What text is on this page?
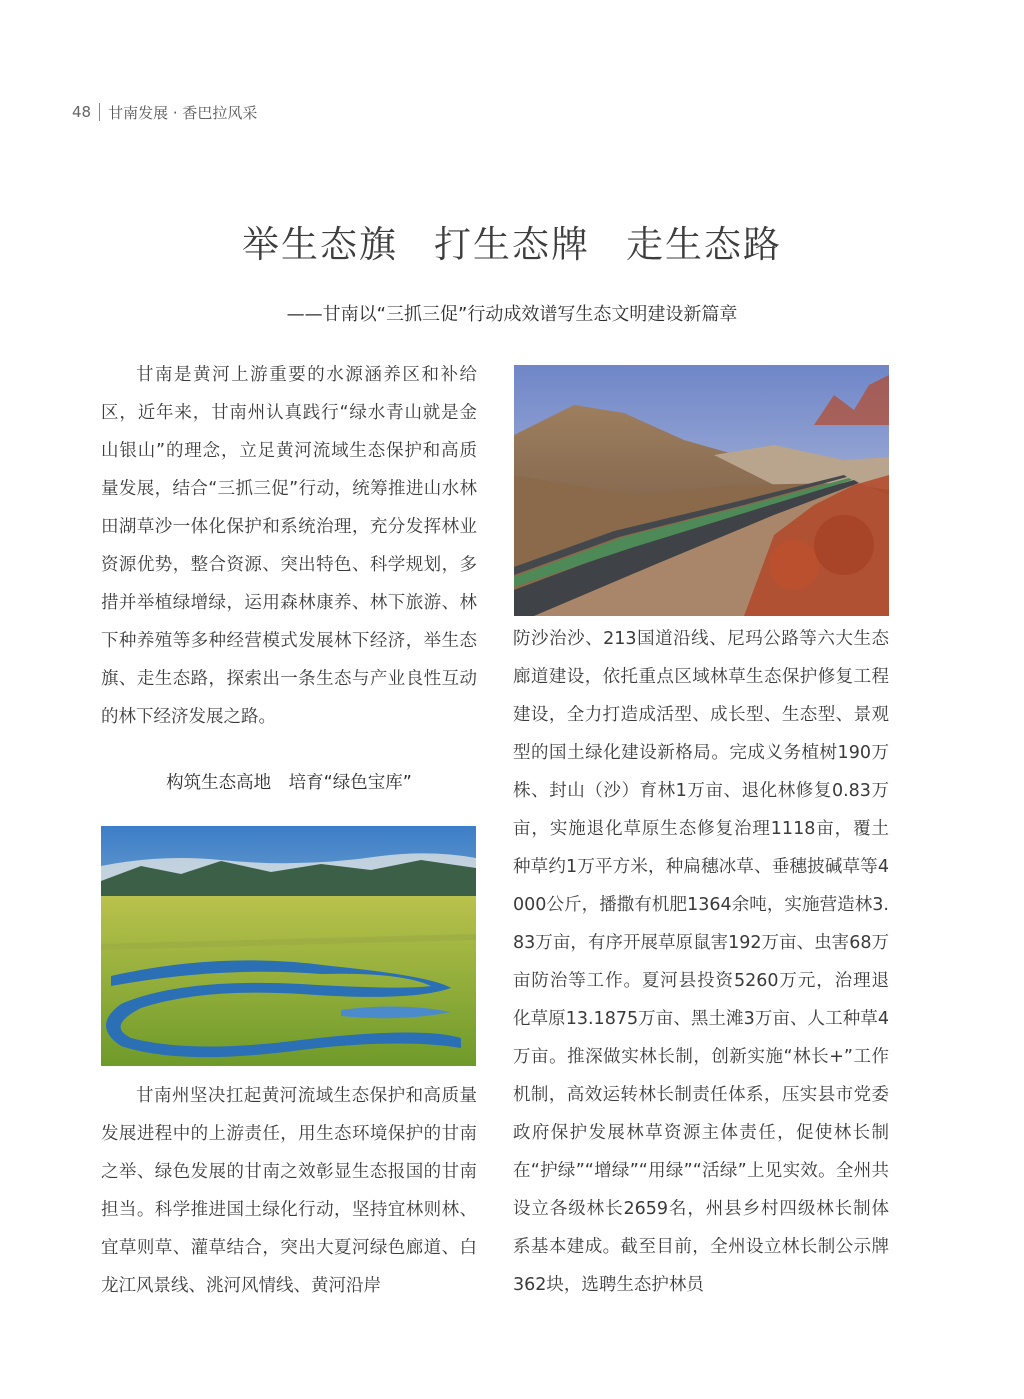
48 甘南发展 · 香巴拉风采
举生态旗 打生态牌 走生态路
——甘南以“三抓三促”行动成效谱写生态文明建设新篇章

甘南是黄河上游重要的水源涵养区和补给区，近年来，甘南州认真践行“绿水青山就是金山银山”的理念，立足黄河流域生态保护和高质量发展，结合“三抓三促”行动，统筹推进山水林田湖草沙一体化保护和系统治理，充分发挥林业资源优势，整合资源、突出特色、科学规划，多措并举植绿增绿，运用森林康养、林下旅游、林下种养殖等多种经营模式发展林下经济，举生态旗、走生态路，探索出一条生态与产业良性互动的林下经济发展之路。

构筑生态高地　培育“绿色宝库”

甘南州坚决扛起黄河流域生态保护和高质量发展进程中的上游责任，用生态环境保护的甘南之举、绿色发展的甘南之效彰显生态报国的甘南担当。科学推进国土绿化行动，坚持宜林则林、宜草则草、灌草结合，突出大夏河绿色廊道、白龙江风景线、洮河风情线、黄河沿岸

防沙治沙、213国道沿线、尼玛公路等六大生态廊道建设，依托重点区域林草生态保护修复工程建设，全力打造成活型、成长型、生态型、景观型的国土绿化建设新格局。完成义务植树190万株、封山（沙）育林1万亩、退化林修复0.83万亩，实施退化草原生态修复治理1118亩，覆土种草约1万平方米，种扁穗冰草、垂穗披碱草等4000公斤，播撒有机肥1364余吨，实施营造林3.83万亩，有序开展草原鼠害192万亩、虫害68万亩防治等工作。夏河县投资5260万元，治理退化草原13.1875万亩、黑土滩3万亩、人工种草4万亩。推深做实林长制，创新实施“林长+”工作机制，高效运转林长制责任体系，压实县市党委政府保护发展林草资源主体责任，促使林长制在“护绿”“增绿”“用绿”“活绿”上见实效。全州共设立各级林长2659名，州县乡村四级林长制体系基本建成。截至目前，全州设立林长制公示牌362块，选聘生态护林员
